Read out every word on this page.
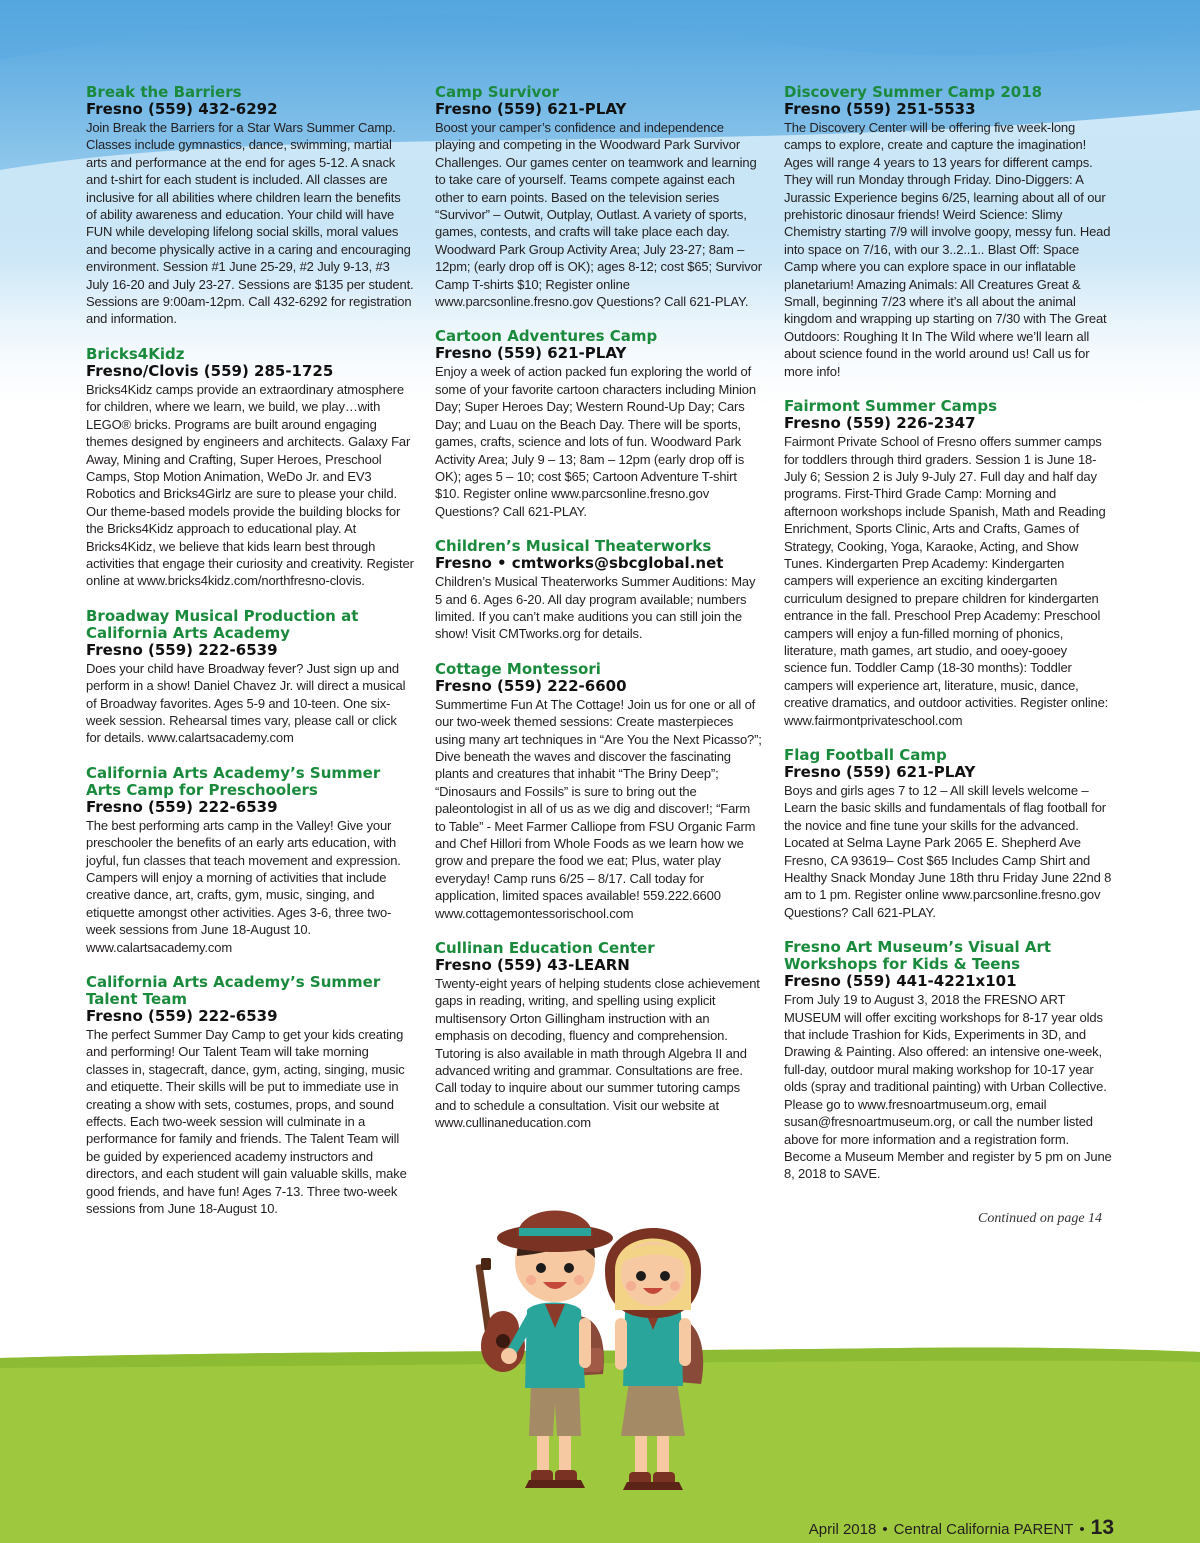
Break the Barriers
Fresno (559) 432-6292

Join Break the Barriers for a Star Wars Summer Camp. Classes include gymnastics, dance, swimming, martial arts and performance at the end for ages 5-12. A snack and t-shirt for each student is included. All classes are inclusive for all abilities where children learn the benefits of ability awareness and education. Your child will have FUN while developing lifelong social skills, moral values and become physically active in a caring and encouraging environment. Session #1 June 25-29, #2 July 9-13, #3 July 16-20 and July 23-27. Sessions are $135 per student. Sessions are 9:00am-12pm. Call 432-6292 for registration and information.

Bricks4Kidz
Fresno/Clovis (559) 285-1725

Bricks4Kidz camps provide an extraordinary atmosphere for children, where we learn, we build, we play…with LEGO® bricks. Programs are built around engaging themes designed by engineers and architects. Galaxy Far Away, Mining and Crafting, Super Heroes, Preschool Camps, Stop Motion Animation, WeDo Jr. and EV3 Robotics and Bricks4Girlz are sure to please your child. Our theme-based models provide the building blocks for the Bricks4Kidz approach to educational play. At Bricks4Kidz, we believe that kids learn best through activities that engage their curiosity and creativity. Register online at www.bricks4kidz.com/northfresno-clovis.

Broadway Musical Production at California Arts Academy
Fresno (559) 222-6539

Does your child have Broadway fever? Just sign up and perform in a show! Daniel Chavez Jr. will direct a musical of Broadway favorites. Ages 5-9 and 10-teen. One six-week session. Rehearsal times vary, please call or click for details. www.calartsacademy.com

California Arts Academy’s Summer Arts Camp for Preschoolers
Fresno (559) 222-6539

The best performing arts camp in the Valley! Give your preschooler the benefits of an early arts education, with joyful, fun classes that teach movement and expression. Campers will enjoy a morning of activities that include creative dance, art, crafts, gym, music, singing, and etiquette amongst other activities. Ages 3-6, three two-week sessions from June 18-August 10. www.calartsacademy.com

California Arts Academy’s Summer Talent Team
Fresno (559) 222-6539

The perfect Summer Day Camp to get your kids creating and performing! Our Talent Team will take morning classes in, stagecraft, dance, gym, acting, singing, music and etiquette. Their skills will be put to immediate use in creating a show with sets, costumes, props, and sound effects. Each two-week session will culminate in a performance for family and friends. The Talent Team will be guided by experienced academy instructors and directors, and each student will gain valuable skills, make good friends, and have fun! Ages 7-13. Three two-week sessions from June 18-August 10.

Camp Survivor
Fresno (559) 621-PLAY

Boost your camper’s confidence and independence playing and competing in the Woodward Park Survivor Challenges. Our games center on teamwork and learning to take care of yourself. Teams compete against each other to earn points. Based on the television series “Survivor” – Outwit, Outplay, Outlast. A variety of sports, games, contests, and crafts will take place each day. Woodward Park Group Activity Area; July 23-27; 8am – 12pm; (early drop off is OK); ages 8-12; cost $65; Survivor Camp T-shirts $10; Register online www.parcsonline.fresno.gov Questions? Call 621-PLAY.

Cartoon Adventures Camp
Fresno (559) 621-PLAY

Enjoy a week of action packed fun exploring the world of some of your favorite cartoon characters including Minion Day; Super Heroes Day; Western Round-Up Day; Cars Day; and Luau on the Beach Day. There will be sports, games, crafts, science and lots of fun. Woodward Park Activity Area; July 9 – 13; 8am – 12pm (early drop off is OK); ages 5 – 10; cost $65; Cartoon Adventure T-shirt $10. Register online www.parcsonline.fresno.gov Questions? Call 621-PLAY.

Children’s Musical Theaterworks
Fresno • cmtworks@sbcglobal.net

Children’s Musical Theaterworks Summer Auditions: May 5 and 6. Ages 6-20. All day program available; numbers limited. If you can’t make auditions you can still join the show! Visit CMTworks.org for details.

Cottage Montessori
Fresno (559) 222-6600

Summertime Fun At The Cottage! Join us for one or all of our two-week themed sessions: Create masterpieces using many art techniques in “Are You the Next Picasso?”; Dive beneath the waves and discover the fascinating plants and creatures that inhabit “The Briny Deep”; “Dinosaurs and Fossils” is sure to bring out the paleontologist in all of us as we dig and discover!; “Farm to Table” - Meet Farmer Calliope from FSU Organic Farm and Chef Hillori from Whole Foods as we learn how we grow and prepare the food we eat; Plus, water play everyday! Camp runs 6/25 – 8/17. Call today for application, limited spaces available! 559.222.6600 www.cottagemontessorischool.com

Cullinan Education Center
Fresno (559) 43-LEARN

Twenty-eight years of helping students close achievement gaps in reading, writing, and spelling using explicit multisensory Orton Gillingham instruction with an emphasis on decoding, fluency and comprehension. Tutoring is also available in math through Algebra II and advanced writing and grammar. Consultations are free. Call today to inquire about our summer tutoring camps and to schedule a consultation. Visit our website at www.cullinaneducation.com

Discovery Summer Camp 2018
Fresno (559) 251-5533

The Discovery Center will be offering five week-long camps to explore, create and capture the imagination! Ages will range 4 years to 13 years for different camps. They will run Monday through Friday. Dino-Diggers: A Jurassic Experience begins 6/25, learning about all of our prehistoric dinosaur friends! Weird Science: Slimy Chemistry starting 7/9 will involve goopy, messy fun. Head into space on 7/16, with our 3..2..1.. Blast Off: Space Camp where you can explore space in our inflatable planetarium! Amazing Animals: All Creatures Great & Small, beginning 7/23 where it’s all about the animal kingdom and wrapping up starting on 7/30 with The Great Outdoors: Roughing It In The Wild where we’ll learn all about science found in the world around us! Call us for more info!

Fairmont Summer Camps
Fresno (559) 226-2347

Fairmont Private School of Fresno offers summer camps for toddlers through third graders. Session 1 is June 18-July 6; Session 2 is July 9-July 27. Full day and half day programs. First-Third Grade Camp: Morning and afternoon workshops include Spanish, Math and Reading Enrichment, Sports Clinic, Arts and Crafts, Games of Strategy, Cooking, Yoga, Karaoke, Acting, and Show Tunes. Kindergarten Prep Academy: Kindergarten campers will experience an exciting kindergarten curriculum designed to prepare children for kindergarten entrance in the fall. Preschool Prep Academy: Preschool campers will enjoy a fun-filled morning of phonics, literature, math games, art studio, and ooey-gooey science fun. Toddler Camp (18-30 months): Toddler campers will experience art, literature, music, dance, creative dramatics, and outdoor activities. Register online: www.fairmontprivateschool.com

Flag Football Camp
Fresno (559) 621-PLAY

Boys and girls ages 7 to 12 – All skill levels welcome – Learn the basic skills and fundamentals of flag football for the novice and fine tune your skills for the advanced. Located at Selma Layne Park 2065 E. Shepherd Ave Fresno, CA 93619– Cost $65 Includes Camp Shirt and Healthy Snack Monday June 18th thru Friday June 22nd 8 am to 1 pm. Register online www.parcsonline.fresno.gov Questions? Call 621-PLAY.

Fresno Art Museum’s Visual Art Workshops for Kids & Teens
Fresno (559) 441-4221x101

From July 19 to August 3, 2018 the FRESNO ART MUSEUM will offer exciting workshops for 8-17 year olds that include Trashion for Kids, Experiments in 3D, and Drawing & Painting. Also offered: an intensive one-week, full-day, outdoor mural making workshop for 10-17 year olds (spray and traditional painting) with Urban Collective. Please go to www.fresnoartmuseum.org, email susan@fresnoartmuseum.org, or call the number listed above for more information and a registration form. Become a Museum Member and register by 5 pm on June 8, 2018 to SAVE.

Continued on page 14
April 2018 • Central California PARENT • 13
